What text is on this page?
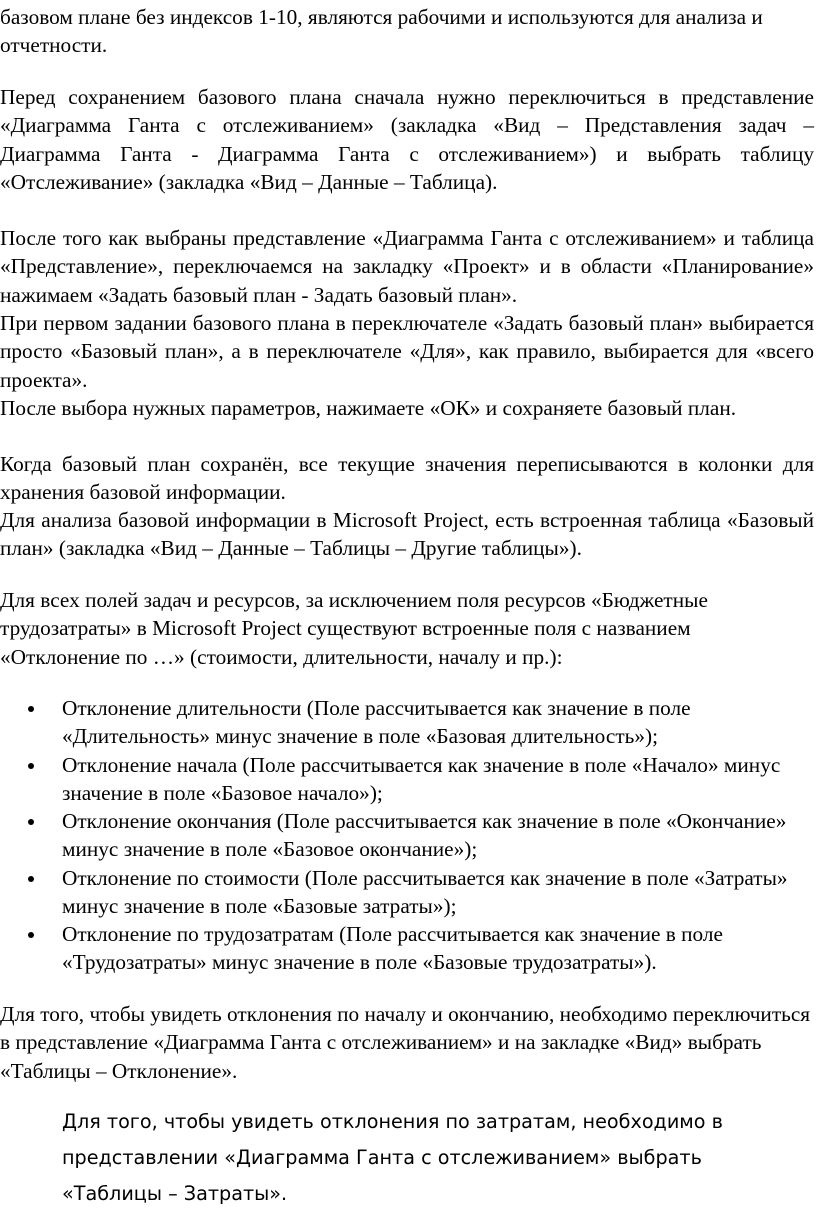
базовом плане без индексов 1-10, являются рабочими и используются для анализа и отчетности.

Перед сохранением базового плана сначала нужно переключиться в представление «Диаграмма Ганта с отслеживанием» (закладка «Вид – Представления задач – Диаграмма Ганта - Диаграмма Ганта с отслеживанием») и выбрать таблицу «Отслеживание» (закладка «Вид – Данные – Таблица).

После того как выбраны представление «Диаграмма Ганта с отслеживанием» и таблица «Представление», переключаемся на закладку «Проект» и в области «Планирование» нажимаем «Задать базовый план - Задать базовый план».

При первом задании базового плана в переключателе «Задать базовый план» выбирается просто «Базовый план», а в переключателе «Для», как правило, выбирается для «всего проекта».

После выбора нужных параметров, нажимаете «ОК» и сохраняете базовый план.

Когда базовый план сохранён, все текущие значения переписываются в колонки для хранения базовой информации.

Для анализа базовой информации в Microsoft Project, есть встроенная таблица «Базовый план» (закладка «Вид – Данные – Таблицы – Другие таблицы»).

Для всех полей задач и ресурсов, за исключением поля ресурсов «Бюджетные трудозатраты» в Microsoft Project существуют встроенные поля с названием «Отклонение по …» (стоимости, длительности, началу и пр.):

Отклонение длительности (Поле рассчитывается как значение в поле «Длительность» минус значение в поле «Базовая длительность»);
Отклонение начала (Поле рассчитывается как значение в поле «Начало» минус значение в поле «Базовое начало»);
Отклонение окончания (Поле рассчитывается как значение в поле «Окончание» минус значение в поле «Базовое окончание»);
Отклонение по стоимости (Поле рассчитывается как значение в поле «Затраты» минус значение в поле «Базовые затраты»);
Отклонение по трудозатратам (Поле рассчитывается как значение в поле «Трудозатраты» минус значение в поле «Базовые трудозатраты»).

Для того, чтобы увидеть отклонения по началу и окончанию, необходимо переключиться в представление «Диаграмма Ганта с отслеживанием» и на закладке «Вид» выбрать «Таблицы – Отклонение».

Для того, чтобы увидеть отклонения по затратам, необходимо в представлении «Диаграмма Ганта с отслеживанием» выбрать «Таблицы – Затраты».
